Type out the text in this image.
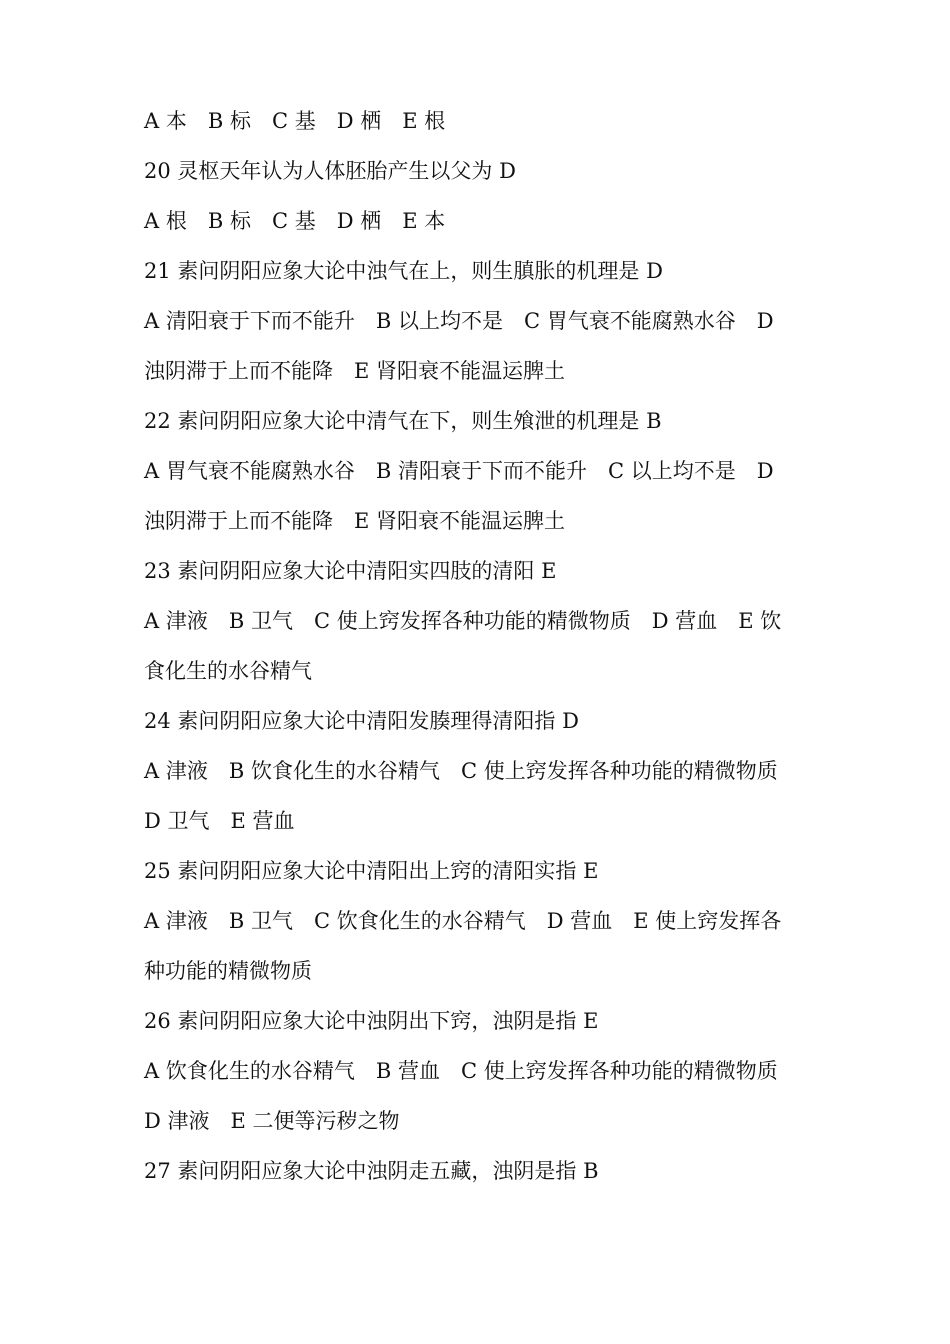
A 本　B 标　C 基　D 栖　E 根
20 灵枢天年认为人体胚胎产生以父为 D
A 根　B 标　C 基　D 栖　E 本
21 素问阴阳应象大论中浊气在上，则生䐜胀的机理是 D
A 清阳衰于下而不能升　B 以上均不是　C 胃气衰不能腐熟水谷　D
浊阴滞于上而不能降　E 肾阳衰不能温运脾土
22 素问阴阳应象大论中清气在下，则生飧泄的机理是 B
A 胃气衰不能腐熟水谷　B 清阳衰于下而不能升　C 以上均不是　D
浊阴滞于上而不能降　E 肾阳衰不能温运脾土
23 素问阴阳应象大论中清阳实四肢的清阳 E
A 津液　B 卫气　C 使上窍发挥各种功能的精微物质　D 营血　E 饮
食化生的水谷精气
24 素问阴阳应象大论中清阳发腠理得清阳指 D
A 津液　B 饮食化生的水谷精气　C 使上窍发挥各种功能的精微物质
D 卫气　E 营血
25 素问阴阳应象大论中清阳出上窍的清阳实指 E
A 津液　B 卫气　C 饮食化生的水谷精气　D 营血　E 使上窍发挥各
种功能的精微物质
26 素问阴阳应象大论中浊阴出下窍，浊阴是指 E
A 饮食化生的水谷精气　B 营血　C 使上窍发挥各种功能的精微物质
D 津液　E 二便等污秽之物
27 素问阴阳应象大论中浊阴走五藏，浊阴是指 B
